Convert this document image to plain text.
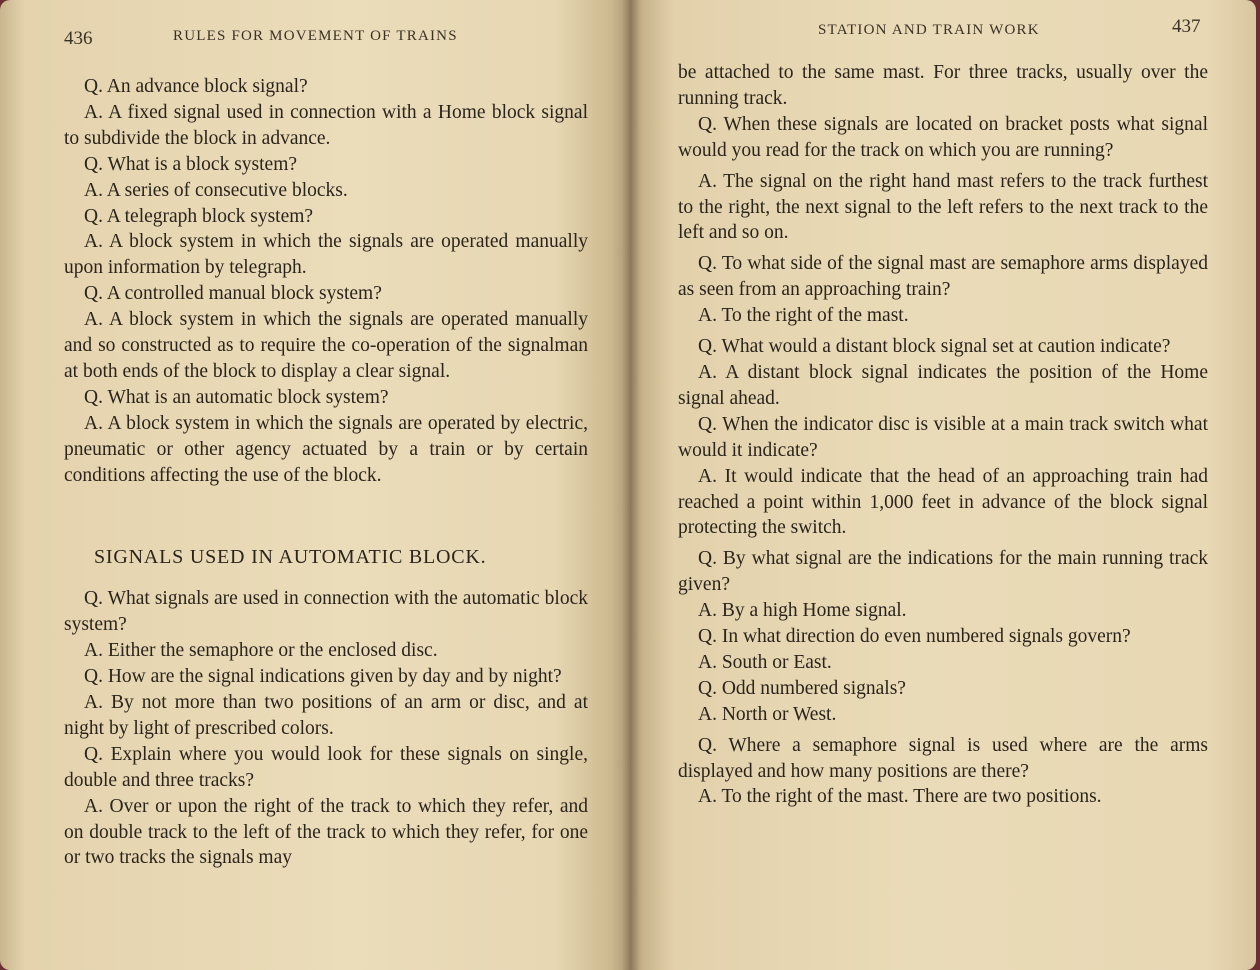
436	RULES FOR MOVEMENT OF TRAINS

Q. An advance block signal?

A. A fixed signal used in connection with a Home block signal to subdivide the block in advance.

Q. What is a block system?

A. A series of consecutive blocks.

Q. A telegraph block system?

A. A block system in which the signals are operated manually upon information by telegraph.

Q. A controlled manual block system?

A. A block system in which the signals are operated manually and so constructed as to require the co-operation of the signalman at both ends of the block to display a clear signal.

Q. What is an automatic block system?

A. A block system in which the signals are operated by electric, pneumatic or other agency actuated by a train or by certain conditions affecting the use of the block.

SIGNALS USED IN AUTOMATIC BLOCK.

Q. What signals are used in connection with the automatic block system?

A. Either the semaphore or the enclosed disc.

Q. How are the signal indications given by day and by night?

A. By not more than two positions of an arm or disc, and at night by light of prescribed colors.

Q. Explain where you would look for these signals on single, double and three tracks?

A. Over or upon the right of the track to which they refer, and on double track to the left of the track to which they refer, for one or two tracks the signals may

STATION AND TRAIN WORK	437

be attached to the same mast. For three tracks, usually over the running track.

Q. When these signals are located on bracket posts what signal would you read for the track on which you are running?

A. The signal on the right hand mast refers to the track furthest to the right, the next signal to the left refers to the next track to the left and so on.

Q. To what side of the signal mast are semaphore arms displayed as seen from an approaching train?

A. To the right of the mast.

Q. What would a distant block signal set at caution indicate?

A. A distant block signal indicates the position of the Home signal ahead.

Q. When the indicator disc is visible at a main track switch what would it indicate?

A. It would indicate that the head of an approaching train had reached a point within 1,000 feet in advance of the block signal protecting the switch.

Q. By what signal are the indications for the main running track given?

A. By a high Home signal.

Q. In what direction do even numbered signals govern?

A. South or East.

Q. Odd numbered signals?

A. North or West.

Q. Where a semaphore signal is used where are the arms displayed and how many positions are there?

A. To the right of the mast. There are two positions.
